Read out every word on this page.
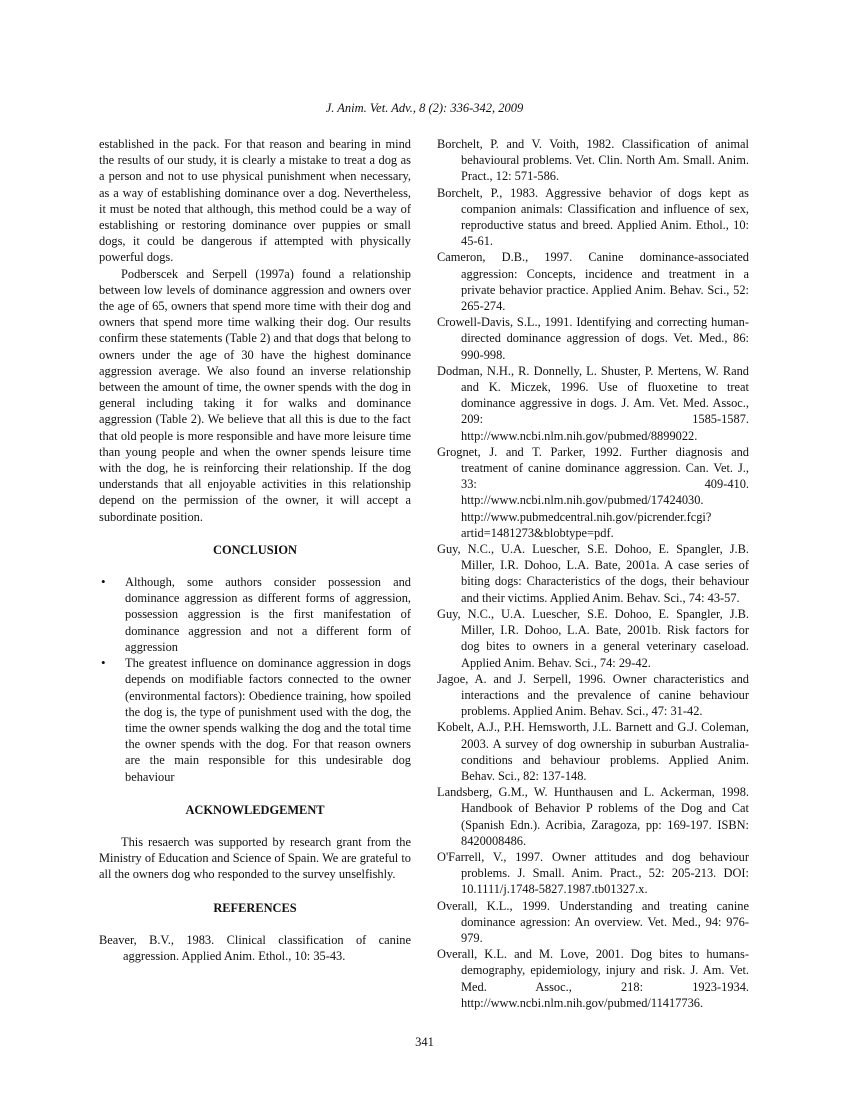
J. Anim. Vet. Adv., 8 (2): 336-342, 2009

established in the pack. For that reason and bearing in mind the results of our study, it is clearly a mistake to treat a dog as a person and not to use physical punishment when necessary, as a way of establishing dominance over a dog. Nevertheless, it must be noted that although, this method could be a way of establishing or restoring dominance over puppies or small dogs, it could be dangerous if attempted with physically powerful dogs.

Podberscek and Serpell (1997a) found a relationship between low levels of dominance aggression and owners over the age of 65, owners that spend more time with their dog and owners that spend more time walking their dog. Our results confirm these statements (Table 2) and that dogs that belong to owners under the age of 30 have the highest dominance aggression average. We also found an inverse relationship between the amount of time, the owner spends with the dog in general including taking it for walks and dominance aggression (Table 2). We believe that all this is due to the fact that old people is more responsible and have more leisure time than young people and when the owner spends leisure time with the dog, he is reinforcing their relationship. If the dog understands that all enjoyable activities in this relationship depend on the permission of the owner, it will accept a subordinate position.

CONCLUSION
• Although, some authors consider possession and dominance aggression as different forms of aggression, possession aggression is the first manifestation of dominance aggression and not a different form of aggression
• The greatest influence on dominance aggression in dogs depends on modifiable factors connected to the owner (environmental factors): Obedience training, how spoiled the dog is, the type of punishment used with the dog, the time the owner spends walking the dog and the total time the owner spends with the dog. For that reason owners are the main responsible for this undesirable dog behaviour
ACKNOWLEDGEMENT

This resaerch was supported by research grant from the Ministry of Education and Science of Spain. We are grateful to all the owners dog who responded to the survey unselfishly.

REFERENCES

Beaver, B.V., 1983. Clinical classification of canine aggression. Applied Anim. Ethol., 10: 35-43.

Borchelt, P. and V. Voith, 1982. Classification of animal behavioural problems. Vet. Clin. North Am. Small. Anim. Pract., 12: 571-586.

Borchelt, P., 1983. Aggressive behavior of dogs kept as companion animals: Classification and influence of sex, reproductive status and breed. Applied Anim. Ethol., 10: 45-61.

Cameron, D.B., 1997. Canine dominance-associated aggression: Concepts, incidence and treatment in a private behavior practice. Applied Anim. Behav. Sci., 52: 265-274.

Crowell-Davis, S.L., 1991. Identifying and correcting human-directed dominance aggression of dogs. Vet. Med., 86: 990-998.

Dodman, N.H., R. Donnelly, L. Shuster, P. Mertens, W. Rand and K. Miczek, 1996. Use of fluoxetine to treat dominance aggressive in dogs. J. Am. Vet. Med. Assoc., 209: 1585-1587. http://www.ncbi.nlm.nih.gov/pubmed/8899022.

Grognet, J. and T. Parker, 1992. Further diagnosis and treatment of canine dominance aggression. Can. Vet. J., 33: 409-410. http://www.ncbi.nlm.nih.gov/pubmed/17424030. http://www.pubmedcentral.nih.gov/picrender.fcgi?artid=1481273&blobtype=pdf.

Guy, N.C., U.A. Luescher, S.E. Dohoo, E. Spangler, J.B. Miller, I.R. Dohoo, L.A. Bate, 2001a. A case series of biting dogs: Characteristics of the dogs, their behaviour and their victims. Applied Anim. Behav. Sci., 74: 43-57.

Guy, N.C., U.A. Luescher, S.E. Dohoo, E. Spangler, J.B. Miller, I.R. Dohoo, L.A. Bate, 2001b. Risk factors for dog bites to owners in a general veterinary caseload. Applied Anim. Behav. Sci., 74: 29-42.

Jagoe, A. and J. Serpell, 1996. Owner characteristics and interactions and the prevalence of canine behaviour problems. Applied Anim. Behav. Sci., 47: 31-42.

Kobelt, A.J., P.H. Hemsworth, J.L. Barnett and G.J. Coleman, 2003. A survey of dog ownership in suburban Australia-conditions and behaviour problems. Applied Anim. Behav. Sci., 82: 137-148.

Landsberg, G.M., W. Hunthausen and L. Ackerman, 1998. Handbook of Behavior P roblems of the Dog and Cat (Spanish Edn.). Acribia, Zaragoza, pp: 169-197. ISBN: 8420008486.

O'Farrell, V., 1997. Owner attitudes and dog behaviour problems. J. Small. Anim. Pract., 52: 205-213. DOI: 10.1111/j.1748-5827.1987.tb01327.x.

Overall, K.L., 1999. Understanding and treating canine dominance agression: An overview. Vet. Med., 94: 976-979.

Overall, K.L. and M. Love, 2001. Dog bites to humans-demography, epidemiology, injury and risk. J. Am. Vet. Med. Assoc., 218: 1923-1934. http://www.ncbi.nlm.nih.gov/pubmed/11417736.

341
